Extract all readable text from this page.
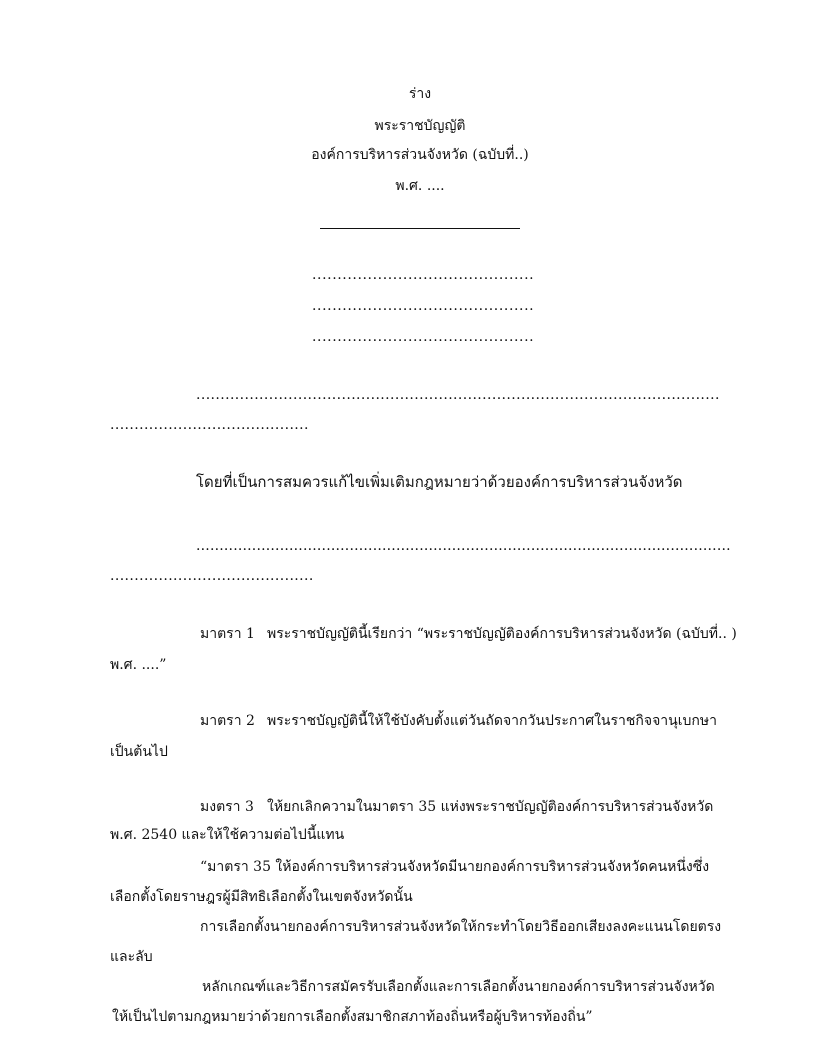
ร่าง
พระราชบัญญัติ
องค์การบริหารส่วนจังหวัด (ฉบับที่..)
พ.ศ. ....
............................................
............................................
............................................
............................................................................................................
.........................................
โดยที่เป็นการสมควรแก้ไขเพิ่มเติมกฎหมายว่าด้วยองค์การบริหารส่วนจังหวัด
...................................................................................................................
..........................................
มาตรา 1 พระราชบัญญัตินี้เรียกว่า “พระราชบัญญัติองค์การบริหารส่วนจังหวัด (ฉบับที่.. )
พ.ศ. ....”
มาตรา 2 พระราชบัญญัตินี้ให้ใช้บังคับตั้งแต่วันถัดจากวันประกาศในราชกิจจานุเบกษา
เป็นต้นไป
มงตรา 3 ให้ยกเลิกความในมาตรา 35 แห่งพระราชบัญญัติองค์การบริหารส่วนจังหวัด
พ.ศ. 2540 และให้ใช้ความต่อไปนี้แทน
“มาตรา 35 ให้องค์การบริหารส่วนจังหวัดมีนายกองค์การบริหารส่วนจังหวัดคนหนึ่งซึ่ง
เลือกตั้งโดยราษฎรผู้มีสิทธิเลือกตั้งในเขตจังหวัดนั้น
การเลือกตั้งนายกองค์การบริหารส่วนจังหวัดให้กระทำโดยวิธีออกเสียงลงคะแนนโดยตรง
และลับ
หลักเกณฑ์และวิธีการสมัครรับเลือกตั้งและการเลือกตั้งนายกองค์การบริหารส่วนจังหวัด
ให้เป็นไปตามกฎหมายว่าด้วยการเลือกตั้งสมาชิกสภาท้องถิ่นหรือผู้บริหารท้องถิ่น”
